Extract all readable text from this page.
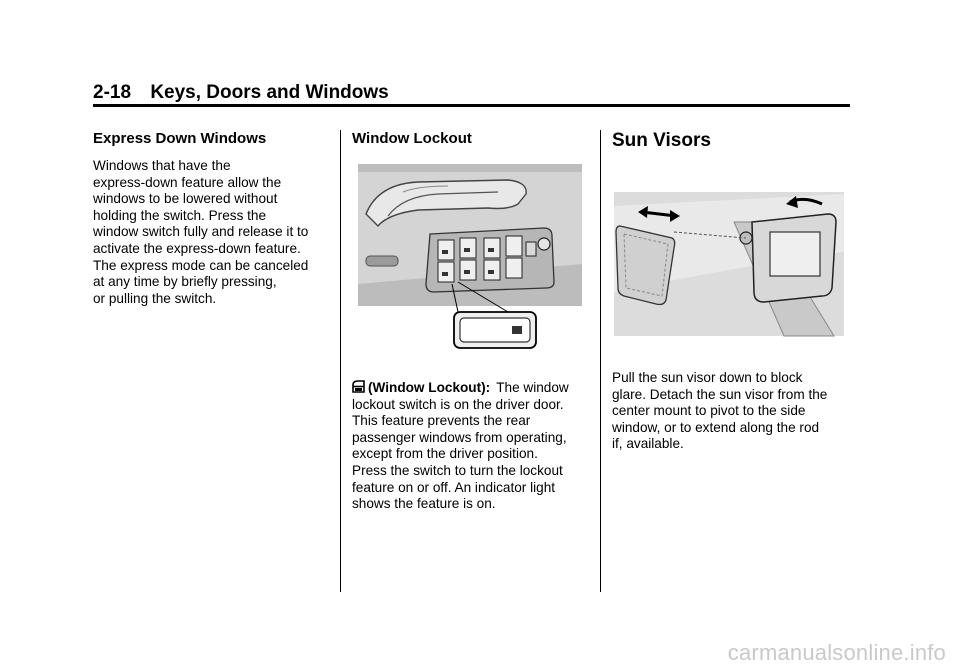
2-18 Keys, Doors and Windows
Express Down Windows

Windows that have the
express-down feature allow the
windows to be lowered without
holding the switch. Press the
window switch fully and release it to
activate the express-down feature.
The express mode can be canceled
at any time by briefly pressing,
or pulling the switch.

Window Lockout

(Window Lockout): The window
lockout switch is on the driver door.
This feature prevents the rear
passenger windows from operating,
except from the driver position.
Press the switch to turn the lockout
feature on or off. An indicator light
shows the feature is on.

Sun Visors

Pull the sun visor down to block
glare. Detach the sun visor from the
center mount to pivot to the side
window, or to extend along the rod
if, available.

carmanualsonline.info
